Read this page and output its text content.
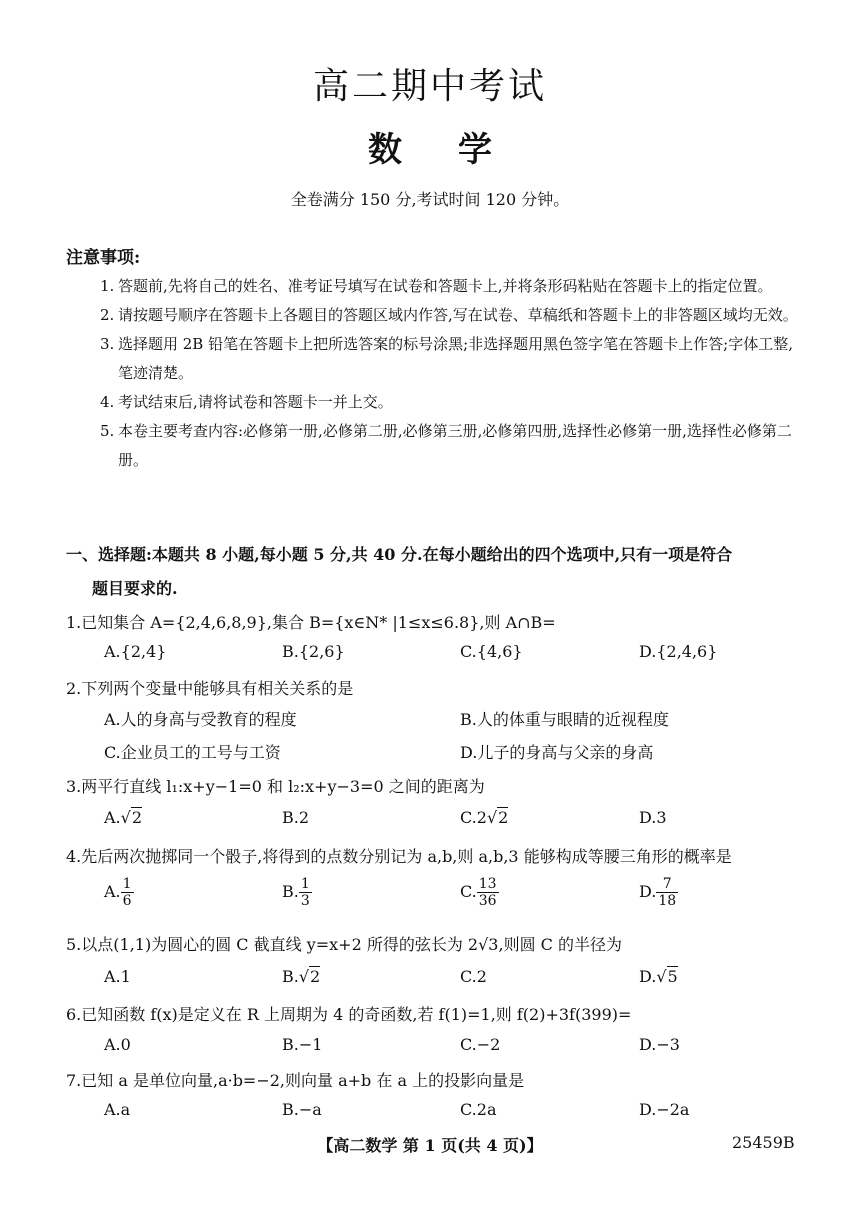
高二期中考试
数学
全卷满分 150 分,考试时间 120 分钟。
注意事项:
1. 答题前,先将自己的姓名、准考证号填写在试卷和答题卡上,并将条形码粘贴在答题卡上的指定位置。
2. 请按题号顺序在答题卡上各题目的答题区域内作答,写在试卷、草稿纸和答题卡上的非答题区域均无效。
3. 选择题用 2B 铅笔在答题卡上把所选答案的标号涂黑;非选择题用黑色签字笔在答题卡上作答;字体工整,笔迹清楚。
4. 考试结束后,请将试卷和答题卡一并上交。
5. 本卷主要考查内容:必修第一册,必修第二册,必修第三册,必修第四册,选择性必修第一册,选择性必修第二册。
一、选择题:本题共 8 小题,每小题 5 分,共 40 分.在每小题给出的四个选项中,只有一项是符合
题目要求的.
1.已知集合 A={2,4,6,8,9},集合 B={x∈N* |1≤x≤6.8},则 A∩B=
A.{2,4}	B.{2,6}	C.{4,6}	D.{2,4,6}
2.下列两个变量中能够具有相关关系的是
A.人的身高与受教育的程度	B.人的体重与眼睛的近视程度
C.企业员工的工号与工资	D.儿子的身高与父亲的身高
3.两平行直线 l₁:x+y−1=0 和 l₂:x+y−3=0 之间的距离为
A.√2	B.2	C.2√2	D.3
4.先后两次抛掷同一个骰子,将得到的点数分别记为 a,b,则 a,b,3 能够构成等腰三角形的概率是
A. $\frac{1}{6}$	B. $\frac{1}{3}$	C. $\frac{13}{36}$	D. $\frac{7}{18}$
5.以点(1,1)为圆心的圆 C 截直线 y=x+2 所得的弦长为 2√3,则圆 C 的半径为
A.1	B.√2	C.2	D.√5
6.已知函数 f(x)是定义在 R 上周期为 4 的奇函数,若 f(1)=1,则 f(2)+3f(399)=
A.0	B.−1	C.−2	D.−3
7.已知 a 是单位向量,a·b=−2,则向量 a+b 在 a 上的投影向量是
A.a	B.−a	C.2a	D.−2a
【高二数学 第 1 页(共 4 页)】	25459B
